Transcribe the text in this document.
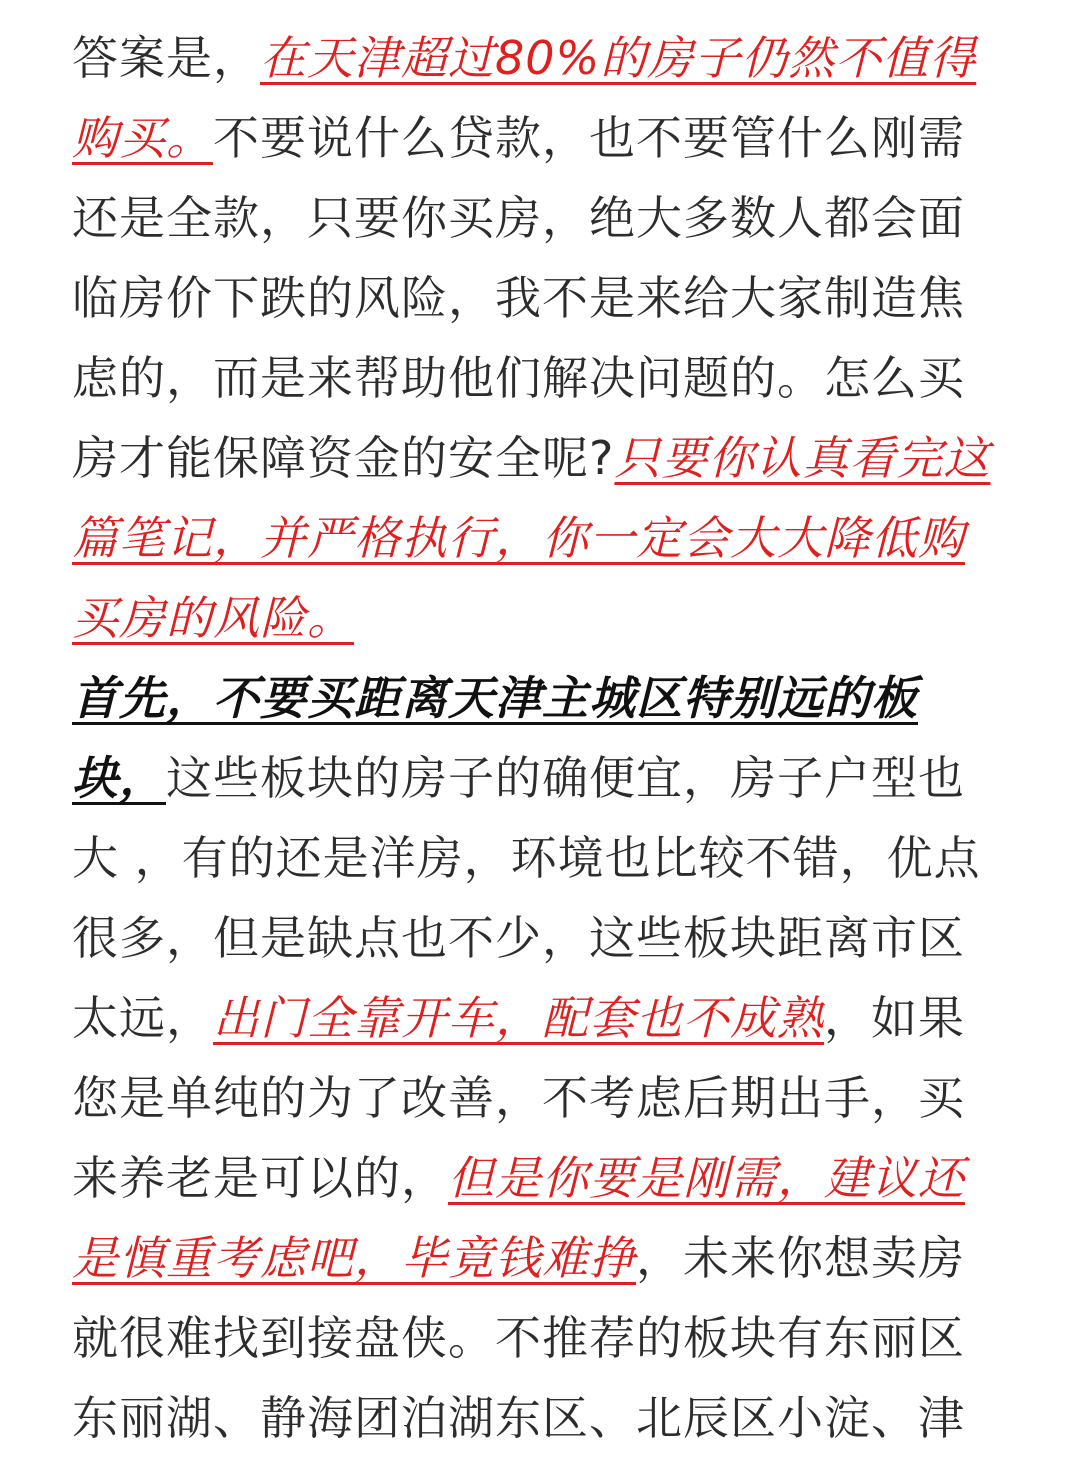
答案是，在天津超过80%的房子仍然不值得购买。不要说什么贷款，也不要管什么刚需还是全款，只要你买房，绝大多数人都会面临房价下跌的风险，我不是来给大家制造焦虑的，而是来帮助他们解决问题的。怎么买房才能保障资金的安全呢?只要你认真看完这篇笔记，并严格执行，你一定会大大降低购买房的风险。

首先，不要买距离天津主城区特别远的板块，这些板块的房子的确便宜，房子户型也大 ，有的还是洋房，环境也比较不错，优点很多，但是缺点也不少，这些板块距离市区太远，出门全靠开车，配套也不成熟，如果您是单纯的为了改善，不考虑后期出手，买来养老是可以的，但是你要是刚需，建议还是慎重考虑吧，毕竟钱难挣，未来你想卖房就很难找到接盘侠。不推荐的板块有东丽区东丽湖、静海团泊湖东区、北辰区小淀、津
